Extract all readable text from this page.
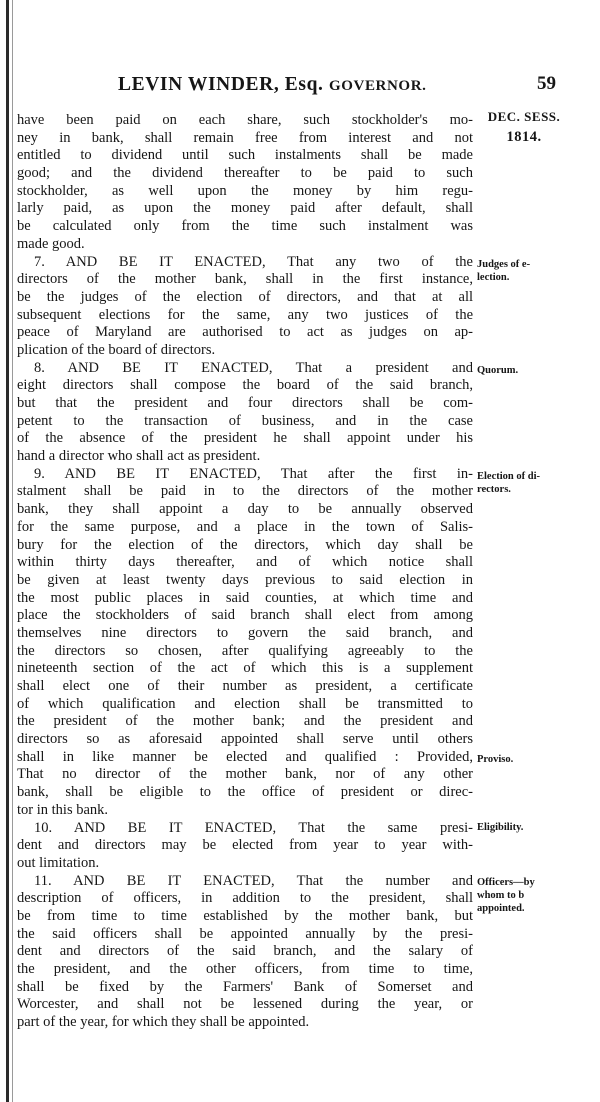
LEVIN WINDER, Esq. GOVERNOR.	59
DEC. SESS.
1814.
have been paid on each share, such stockholder's mo-
ney in bank, shall remain free from interest and not
entitled to dividend until such instalments shall be made
good; and the dividend thereafter to be paid to such
stockholder, as well upon the money by him regu-
larly paid, as upon the money paid after default, shall
be calculated only from the time such instalment was
made good.
7. AND BE IT ENACTED, That any two of the
directors of the mother bank, shall in the first instance,
be the judges of the election of directors, and that at all
subsequent elections for the same, any two justices of the
peace of Maryland are authorised to act as judges on ap-
plication of the board of directors.
8. AND BE IT ENACTED, That a president and
eight directors shall compose the board of the said branch,
but that the president and four directors shall be com-
petent to the transaction of business, and in the case
of the absence of the president he shall appoint under his
hand a director who shall act as president.
9. AND BE IT ENACTED, That after the first in-
stalment shall be paid in to the directors of the mother
bank, they shall appoint a day to be annually observed
for the same purpose, and a place in the town of Salis-
bury for the election of the directors, which day shall be
within thirty days thereafter, and of which notice shall
be given at least twenty days previous to said election in
the most public places in said counties, at which time and
place the stockholders of said branch shall elect from among
themselves nine directors to govern the said branch, and
the directors so chosen, after qualifying agreeably to the
nineteenth section of the act of which this is a supplement
shall elect one of their number as president, a certificate
of which qualification and election shall be transmitted to
the president of the mother bank; and the president and
directors so as aforesaid appointed shall serve until others
shall in like manner be elected and qualified : Provided,
That no director of the mother bank, nor of any other
bank, shall be eligible to the office of president or direc-
tor in this bank.
10. AND BE IT ENACTED, That the same presi-
dent and directors may be elected from year to year with-
out limitation.
11. AND BE IT ENACTED, That the number and
description of officers, in addition to the president, shall
be from time to time established by the mother bank, but
the said officers shall be appointed annually by the presi-
dent and directors of the said branch, and the salary of
the president, and the other officers, from time to time,
shall be fixed by the Farmers' Bank of Somerset and
Worcester, and shall not be lessened during the year, or
part of the year, for which they shall be appointed.
Judges of e-
lection.
Quorum.
Election of di-
rectors.
Proviso.
Eligibility.
Officers—by
whom to b
appointed.
